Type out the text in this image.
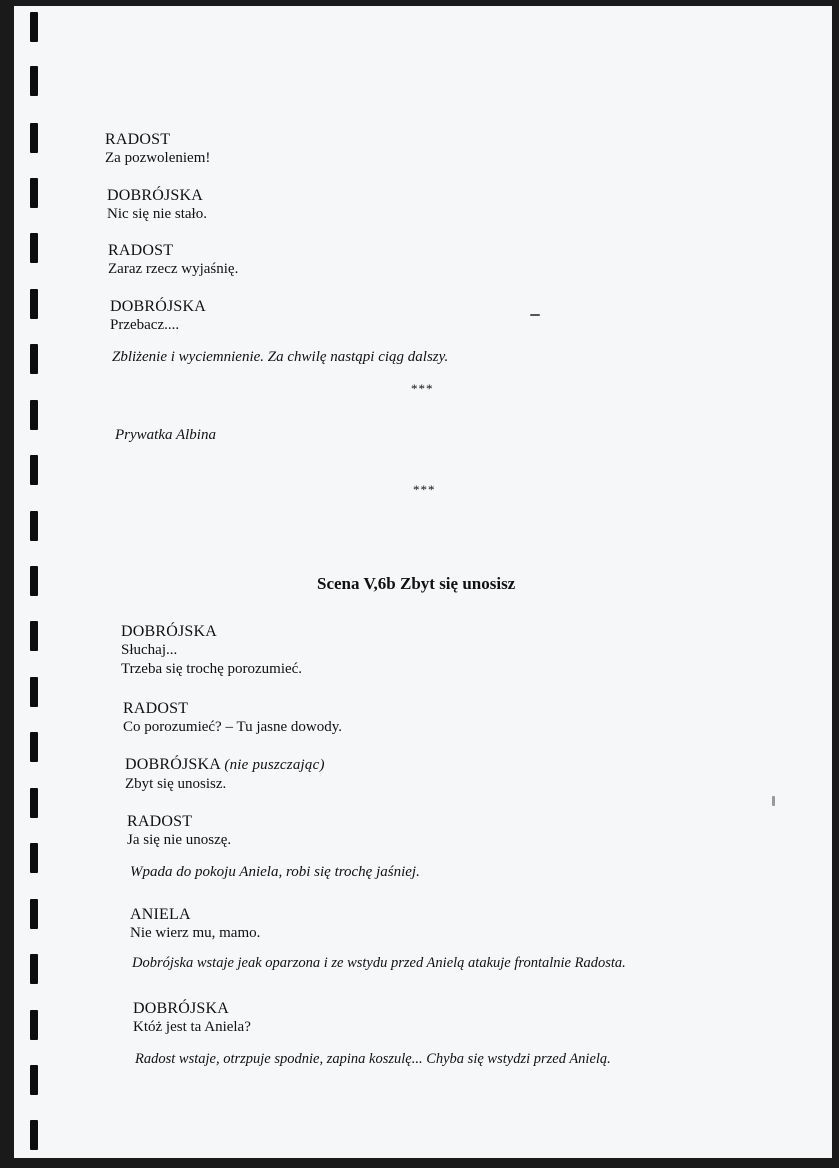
RADOST
Za pozwoleniem!
DOBRÓJSKA
Nic się nie stało.
RADOST
Zaraz rzecz wyjaśnię.
DOBRÓJSKA
Przebacz....
Zbliżenie i wyciemnienie. Za chwilę nastąpi ciąg dalszy.
***
Prywatka Albina
***
Scena V,6b Zbyt się unosisz
DOBRÓJSKA
Słuchaj...
Trzeba się trochę porozumieć.
RADOST
Co porozumieć? – Tu jasne dowody.
DOBRÓJSKA (nie puszczając)
Zbyt się unosisz.
RADOST
Ja się nie unoszę.
Wpada do pokoju Aniela, robi się trochę jaśniej.
ANIELA
Nie wierz mu, mamo.
Dobrójska wstaje jeak oparzona i ze wstydu przed Anielą atakuje frontalnie Radosta.
DOBRÓJSKA
Któż jest ta Aniela?
Radost wstaje, otrzpuje spodnie, zapina koszulę... Chyba się wstydzi przed Anielą.
